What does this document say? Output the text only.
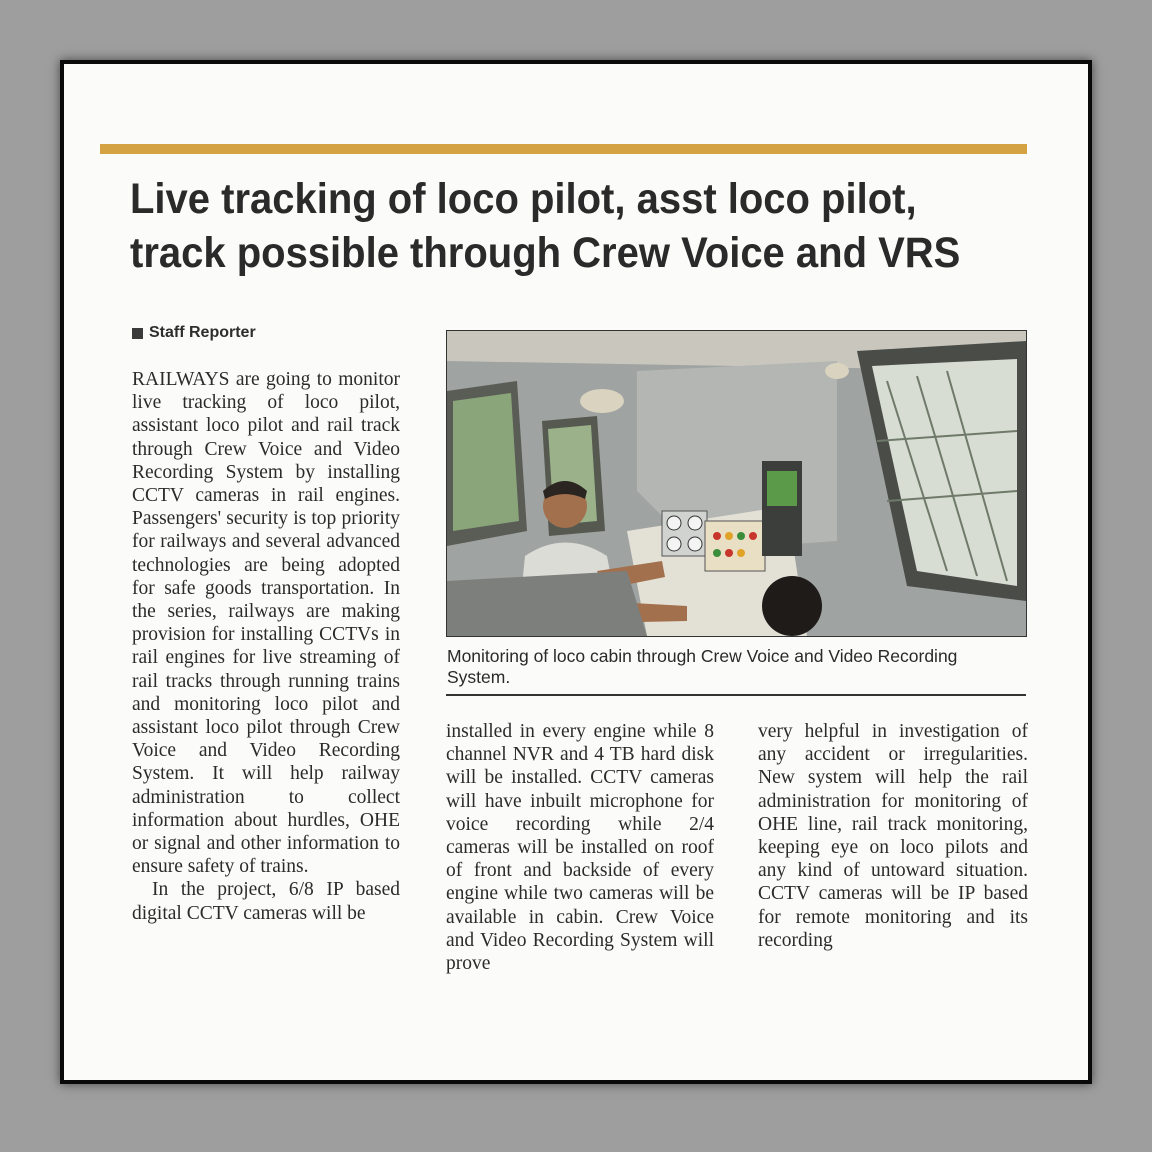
Live tracking of loco pilot, asst loco pilot, track possible through Crew Voice and VRS
Staff Reporter

RAILWAYS are going to monitor live tracking of loco pilot, assistant loco pilot and rail track through Crew Voice and Video Recording System by installing CCTV cameras in rail engines. Passengers' security is top priority for railways and several advanced technologies are being adopted for safe goods transportation. In the series, railways are making provision for installing CCTVs in rail engines for live streaming of rail tracks through running trains and monitoring loco pilot and assistant loco pilot through Crew Voice and Video Recording System. It will help railway administration to collect information about hurdles, OHE or signal and other information to ensure safety of trains.

In the project, 6/8 IP based digital CCTV cameras will be

Monitoring of loco cabin through Crew Voice and Video Recording System.

installed in every engine while 8 channel NVR and 4 TB hard disk will be installed. CCTV cameras will have inbuilt microphone for voice recording while 2/4 cameras will be installed on roof of front and backside of every engine while two cameras will be available in cabin. Crew Voice and Video Recording System will prove

very helpful in investigation of any accident or irregularities. New system will help the rail administration for monitoring of OHE line, rail track monitoring, keeping eye on loco pilots and any kind of untoward situation. CCTV cameras will be IP based for remote monitoring and its recording
